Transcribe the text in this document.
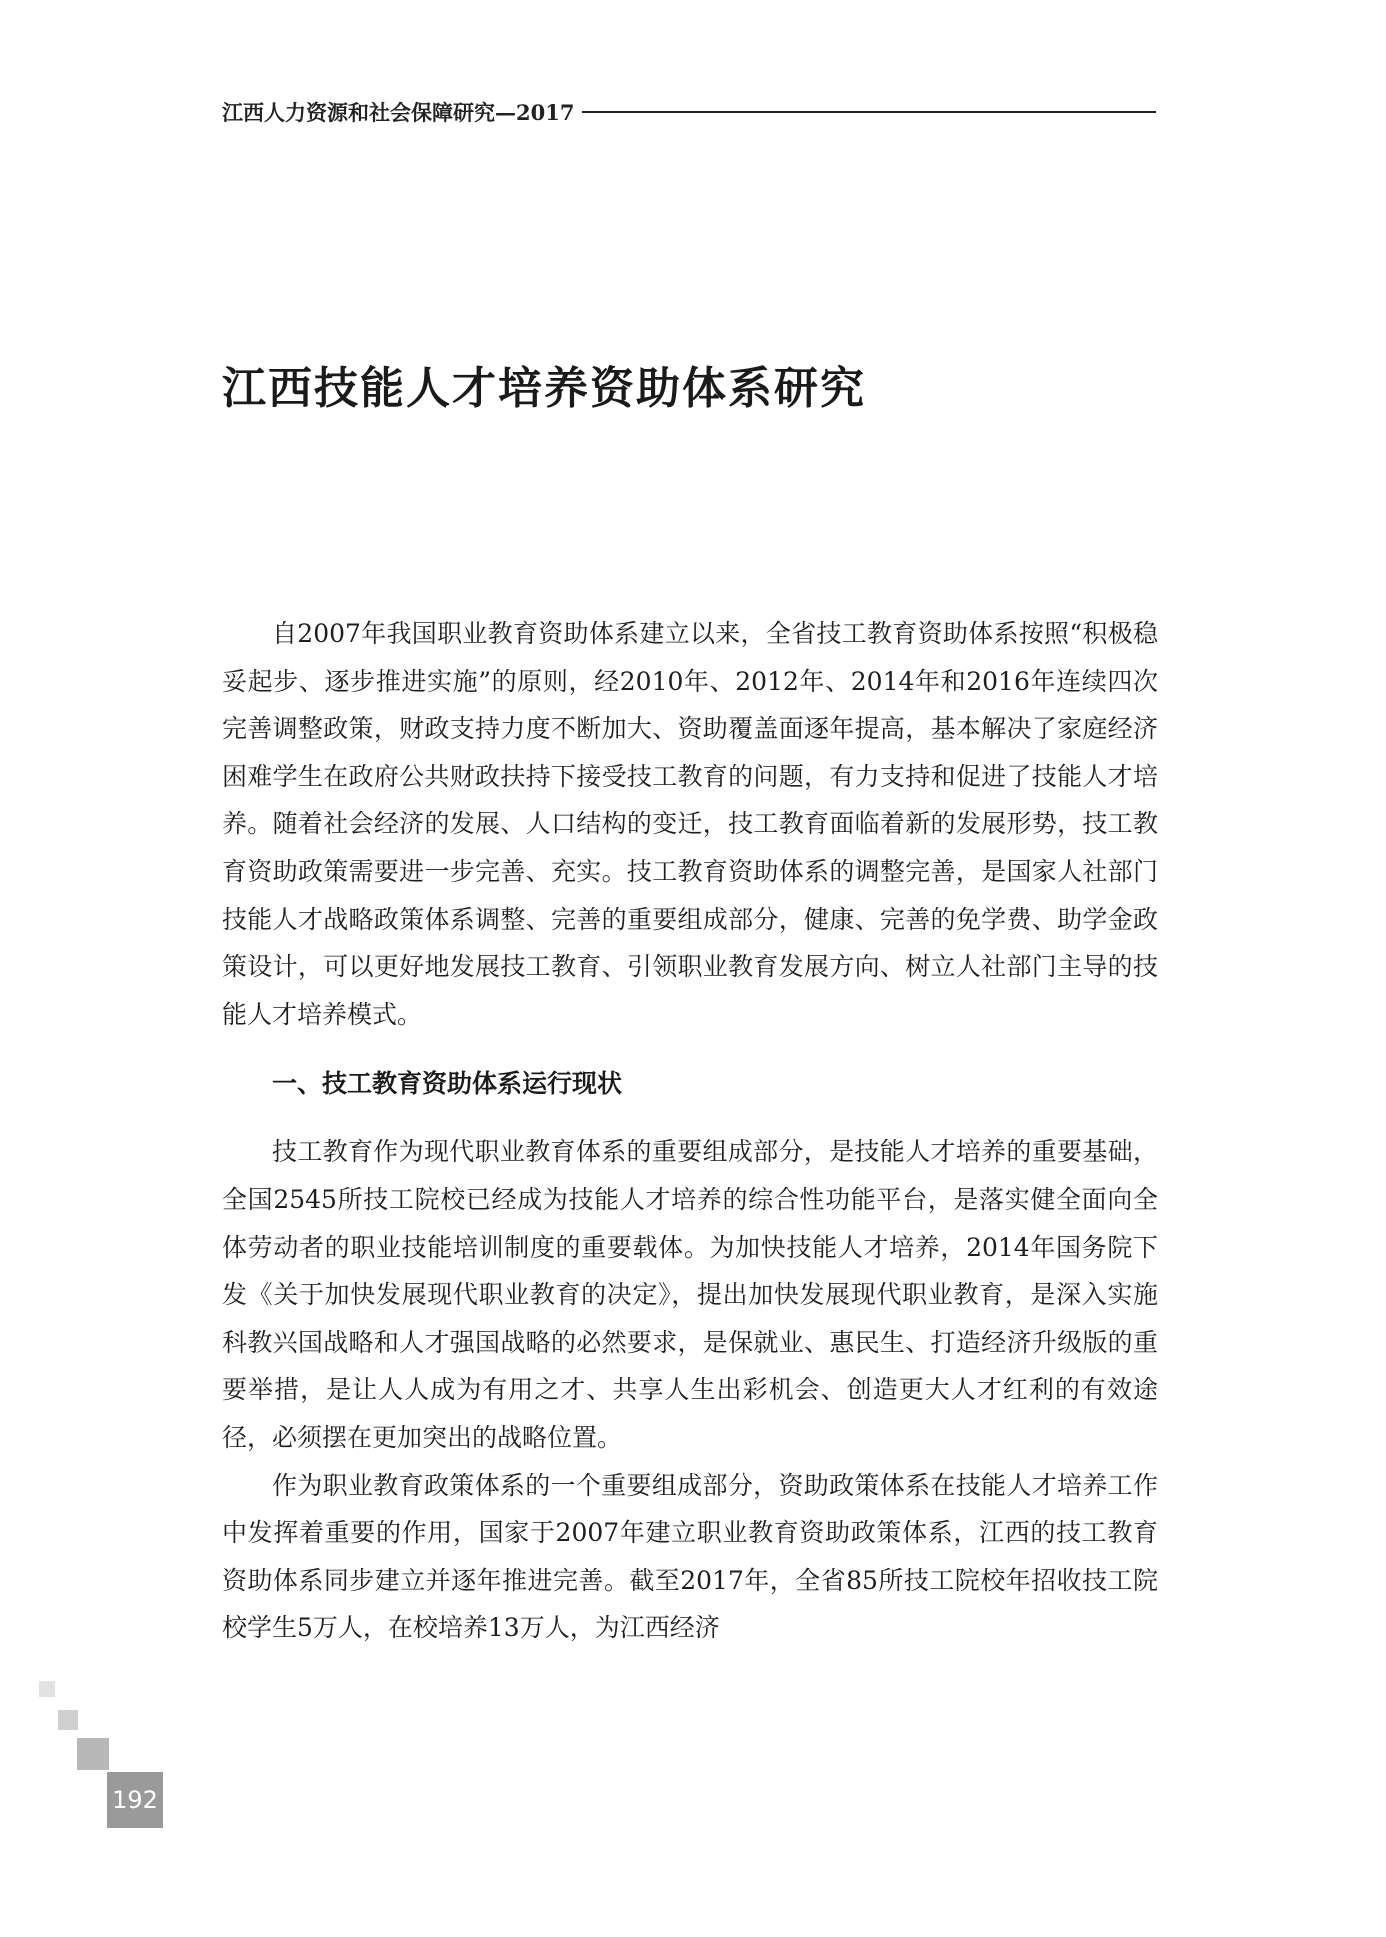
江西人力资源和社会保障研究—2017
江西技能人才培养资助体系研究

自2007年我国职业教育资助体系建立以来，全省技工教育资助体系按照“积极稳妥起步、逐步推进实施”的原则，经2010年、2012年、2014年和2016年连续四次完善调整政策，财政支持力度不断加大、资助覆盖面逐年提高，基本解决了家庭经济困难学生在政府公共财政扶持下接受技工教育的问题，有力支持和促进了技能人才培养。随着社会经济的发展、人口结构的变迁，技工教育面临着新的发展形势，技工教育资助政策需要进一步完善、充实。技工教育资助体系的调整完善，是国家人社部门技能人才战略政策体系调整、完善的重要组成部分，健康、完善的免学费、助学金政策设计，可以更好地发展技工教育、引领职业教育发展方向、树立人社部门主导的技能人才培养模式。

一、技工教育资助体系运行现状

技工教育作为现代职业教育体系的重要组成部分，是技能人才培养的重要基础，全国2545所技工院校已经成为技能人才培养的综合性功能平台，是落实健全面向全体劳动者的职业技能培训制度的重要载体。为加快技能人才培养，2014年国务院下发《关于加快发展现代职业教育的决定》，提出加快发展现代职业教育，是深入实施科教兴国战略和人才强国战略的必然要求，是保就业、惠民生、打造经济升级版的重要举措，是让人人成为有用之才、共享人生出彩机会、创造更大人才红利的有效途径，必须摆在更加突出的战略位置。

作为职业教育政策体系的一个重要组成部分，资助政策体系在技能人才培养工作中发挥着重要的作用，国家于2007年建立职业教育资助政策体系，江西的技工教育资助体系同步建立并逐年推进完善。截至2017年，全省85所技工院校年招收技工院校学生5万人，在校培养13万人，为江西经济

192
